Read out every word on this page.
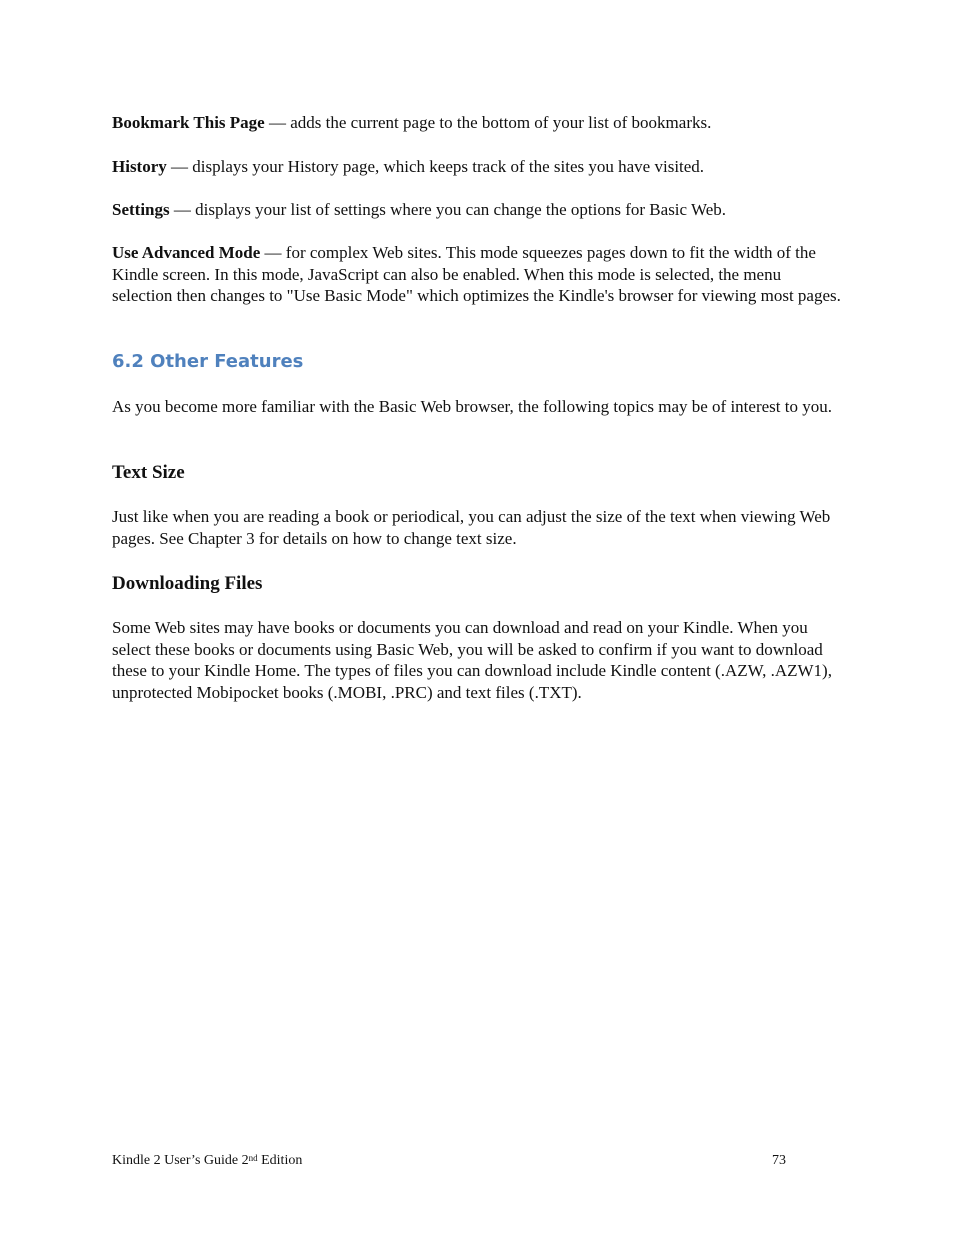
Bookmark This Page — adds the current page to the bottom of your list of bookmarks.

History — displays your History page, which keeps track of the sites you have visited.

Settings — displays your list of settings where you can change the options for Basic Web.

Use Advanced Mode — for complex Web sites. This mode squeezes pages down to fit the width of the Kindle screen. In this mode, JavaScript can also be enabled. When this mode is selected, the menu selection then changes to "Use Basic Mode" which optimizes the Kindle's browser for viewing most pages.

6.2 Other Features

As you become more familiar with the Basic Web browser, the following topics may be of interest to you.

Text Size

Just like when you are reading a book or periodical, you can adjust the size of the text when viewing Web pages. See Chapter 3 for details on how to change text size.

Downloading Files

Some Web sites may have books or documents you can download and read on your Kindle. When you select these books or documents using Basic Web, you will be asked to confirm if you want to download these to your Kindle Home. The types of files you can download include Kindle content (.AZW, .AZW1), unprotected Mobipocket books (.MOBI, .PRC) and text files (.TXT).

Kindle 2 User’s Guide 2nd Edition	73
